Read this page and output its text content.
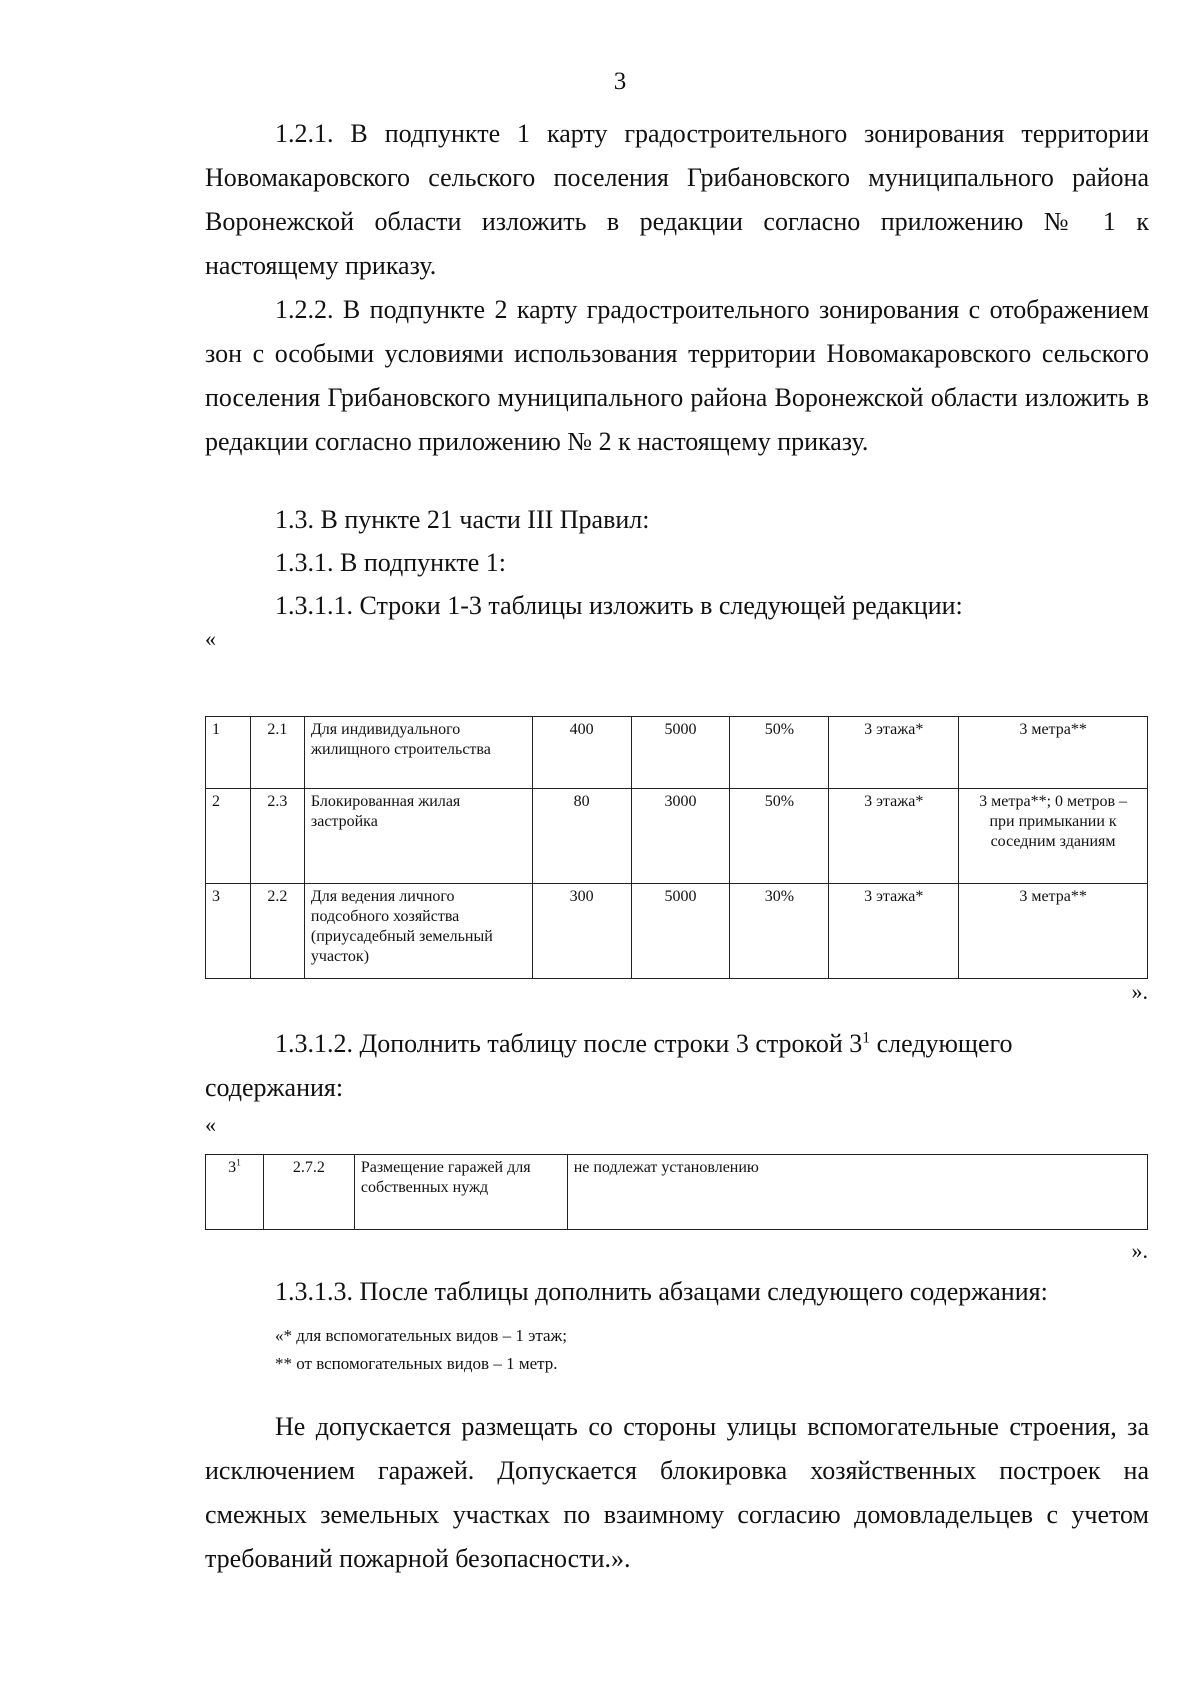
3

1.2.1. В подпункте 1 карту градостроительного зонирования территории Новомакаровского сельского поселения Грибановского муниципального района Воронежской области изложить в редакции согласно приложению № 1 к настоящему приказу.

1.2.2. В подпункте 2 карту градостроительного зонирования с отображением зон с особыми условиями использования территории Новомакаровского сельского поселения Грибановского муниципального района Воронежской области изложить в редакции согласно приложению № 2 к настоящему приказу.

1.3. В пункте 21 части III Правил:

1.3.1. В подпункте 1:

1.3.1.1. Строки 1-3 таблицы изложить в следующей редакции:

«
1	2.1	Для индивидуального жилищного строительства	400	5000	50%	3 этажа*	3 метра**
2	2.3	Блокированная жилая застройка	80	3000	50%	3 этажа*	3 метра**; 0 метров – при примыкании к соседним зданиям
3	2.2	Для ведения личного подсобного хозяйства (приусадебный земельный участок)	300	5000	30%	3 этажа*	3 метра**
».

1.3.1.2. Дополнить таблицу после строки 3 строкой $3^1$ следующего содержания:

«
$3^1$	2.7.2	Размещение гаражей для собственных нужд	не подлежат установлению
».

1.3.1.3. После таблицы дополнить абзацами следующего содержания:

«* для вспомогательных видов – 1 этаж;
** от вспомогательных видов – 1 метр.

Не допускается размещать со стороны улицы вспомогательные строения, за исключением гаражей. Допускается блокировка хозяйственных построек на смежных земельных участках по взаимному согласию домовладельцев с учетом требований пожарной безопасности.».
